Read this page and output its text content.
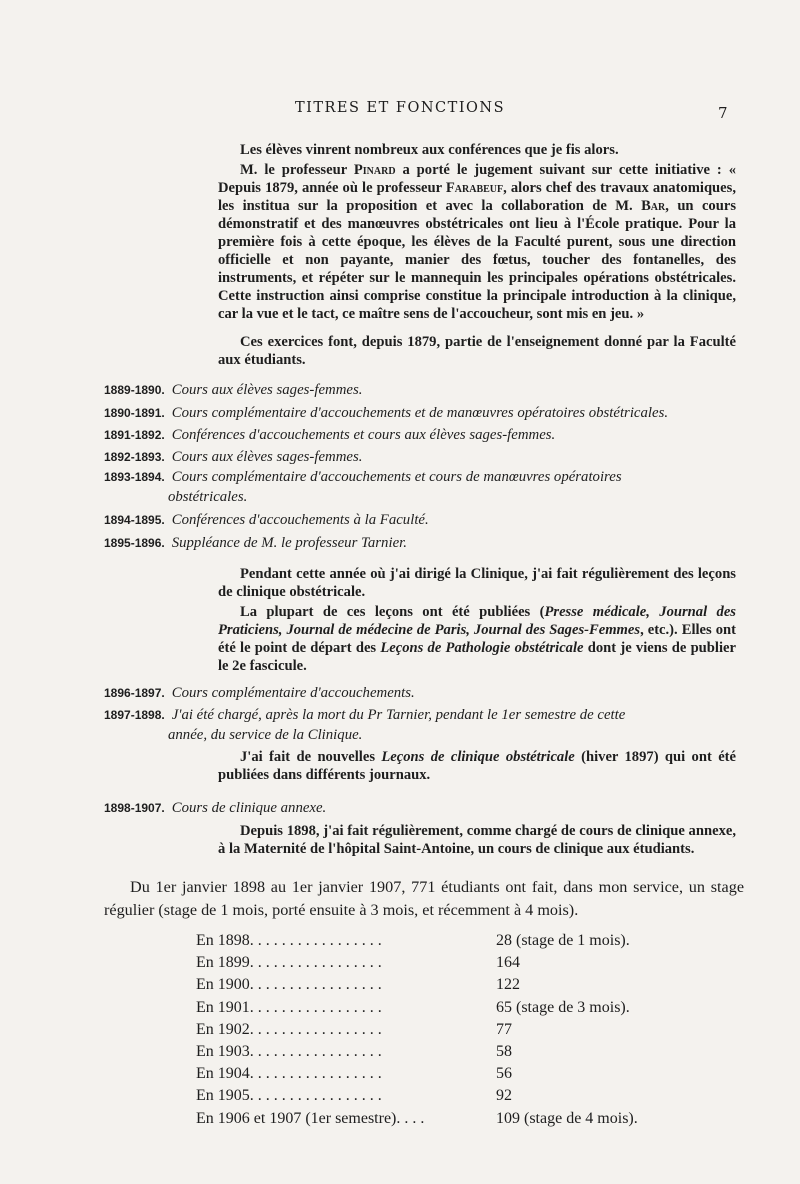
TITRES ET FONCTIONS	7

Les élèves vinrent nombreux aux conférences que je fis alors.

M. le professeur Pinard a porté le jugement suivant sur cette initiative : « Depuis 1879, année où le professeur Farabeuf, alors chef des travaux anatomiques, les institua sur la proposition et avec la collaboration de M. Bar, un cours démonstratif et des manœuvres obstétricales ont lieu à l'École pratique. Pour la première fois à cette époque, les élèves de la Faculté purent, sous une direction officielle et non payante, manier des fœtus, toucher des fontanelles, des instruments, et répéter sur le mannequin les principales opérations obstétricales. Cette instruction ainsi comprise constitue la principale introduction à la clinique, car la vue et le tact, ce maître sens de l'accoucheur, sont mis en jeu. »

Ces exercices font, depuis 1879, partie de l'enseignement donné par la Faculté aux étudiants.

1889-1890. Cours aux élèves sages-femmes.
1890-1891. Cours complémentaire d'accouchements et de manœuvres opératoires obstétricales.
1891-1892. Conférences d'accouchements et cours aux élèves sages-femmes.
1892-1893. Cours aux élèves sages-femmes.
1893-1894. Cours complémentaire d'accouchements et cours de manœuvres opératoires
obstétricales.
1894-1895. Conférences d'accouchements à la Faculté.
1895-1896. Suppléance de M. le professeur Tarnier.

Pendant cette année où j'ai dirigé la Clinique, j'ai fait régulièrement des leçons de clinique obstétricale.

La plupart de ces leçons ont été publiées (Presse médicale, Journal des Praticiens, Journal de médecine de Paris, Journal des Sages-Femmes, etc.). Elles ont été le point de départ des Leçons de Pathologie obstétricale dont je viens de publier le 2e fascicule.

1896-1897. Cours complémentaire d'accouchements.
1897-1898. J'ai été chargé, après la mort du Pr Tarnier, pendant le 1er semestre de cette
année, du service de la Clinique.

J'ai fait de nouvelles Leçons de clinique obstétricale (hiver 1897) qui ont été publiées dans différents journaux.

1898-1907. Cours de clinique annexe.

Depuis 1898, j'ai fait régulièrement, comme chargé de cours de clinique annexe, à la Maternité de l'hôpital Saint-Antoine, un cours de clinique aux étudiants.

Du 1er janvier 1898 au 1er janvier 1907, 771 étudiants ont fait, dans mon service, un stage régulier (stage de 1 mois, porté ensuite à 3 mois, et récemment à 4 mois).

En 1898. . . . . . . . . . . . . . . . .	28 (stage de 1 mois).
En 1899. . . . . . . . . . . . . . . . .	164
En 1900. . . . . . . . . . . . . . . . .	122
En 1901. . . . . . . . . . . . . . . . .	65 (stage de 3 mois).
En 1902. . . . . . . . . . . . . . . . .	77
En 1903. . . . . . . . . . . . . . . . .	58
En 1904. . . . . . . . . . . . . . . . .	56
En 1905. . . . . . . . . . . . . . . . .	92
En 1906 et 1907 (1er semestre). . . .	109 (stage de 4 mois).
